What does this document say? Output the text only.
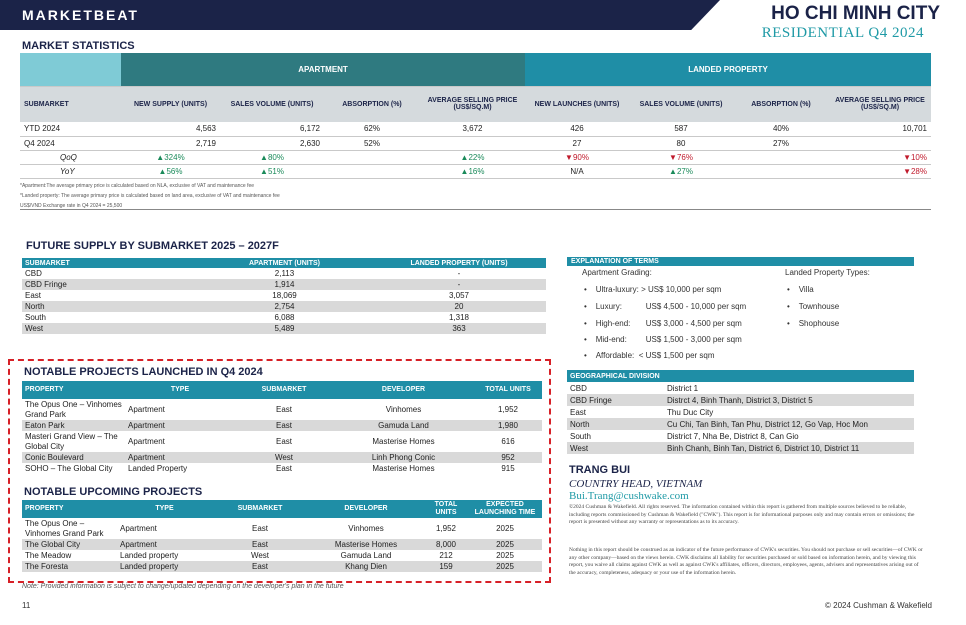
MARKETBEAT	HO CHI MINH CITY
RESIDENTIAL Q4 2024
MARKET STATISTICS
	APARTMENT				LANDED PROPERTY			
SUBMARKET	NEW SUPPLY (UNITS)	SALES VOLUME (UNITS)	ABSORPTION (%)	AVERAGE SELLING PRICE (US$/SQ.M)	NEW LAUNCHES (UNITS)	SALES VOLUME (UNITS)	ABSORPTION (%)	AVERAGE SELLING PRICE (US$/SQ.M)
YTD 2024	4,563	6,172	62%	3,672	426	587	40%	10,701
Q4 2024	2,719	2,630	52%		27	80	27%	
QoQ	▲324%	▲80%		▲22%	▼90%	▼76%		▼10%
YoY	▲56%	▲51%		▲16%	N/A	▲27%		▼28%
*Apartment:The average primary price is calculated based on NLA, exclusive of VAT and maintenance fee
*Landed property: The average primary price is calculated based on land area, exclusive of VAT and maintenance fee
US$/VND Exchange rate in Q4 2024 = 25,500
FUTURE SUPPLY BY SUBMARKET 2025 – 2027F
SUBMARKET	APARTMENT (UNITS)	LANDED PROPERTY (UNITS)
CBD	2,113	-
CBD Fringe	1,914	-
East	18,069	3,057
North	2,754	20
South	6,088	1,318
West	5,489	363
EXPLANATION OF TERMS
Apartment Grading:	Landed Property Types:
•    Ultra-luxury: > US$ 10,000 per sqm
•    Luxury:	US$ 4,500 - 10,000 per sqm
•    High-end: US$ 3,000 - 4,500 per sqm
•    Mid-end: US$ 1,500 - 3,000 per sqm
•    Affordable: < US$ 1,500 per sqm
•    Villa
•    Townhouse
•    Shophouse
GEOGRAPHICAL DIVISION	
CBD	District 1
CBD Fringe	Distrct 4, Binh Thanh, District 3, District 5
East	Thu Duc City
North	Cu Chi, Tan Binh, Tan Phu, District 12, Go Vap, Hoc Mon
South	District 7, Nha Be, District 8, Can Gio
West	Binh Chanh, Binh Tan, District 6, District 10, District 11
TRANG BUI
COUNTRY HEAD, VIETNAM
Bui.Trang@cushwake.com
©2024 Cushman & Wakefield. All rights reserved. The information contained within this report is gathered from multiple sources believed to be reliable, including reports commissioned by Cushman & Wakefield ("CWK"). This report is for informational purposes only and may contain errors or omissions; the report is presented without any warranty or representations as to its accuracy.
Nothing in this report should be construed as an indicator of the future performance of CWK's securities. You should not purchase or sell securities—of CWK or any other company—based on the views herein. CWK disclaims all liability for securities purchased or sold based on information herein, and by viewing this report, you waive all claims against CWK as well as against CWK's affiliates, officers, directors, employees, agents, advisers and representatives arising out of the accuracy, completeness, adequacy or your use of the information herein.
NOTABLE PROJECTS LAUNCHED IN Q4 2024
PROPERTY	TYPE	SUBMARKET	DEVELOPER	TOTAL UNITS
The Opus One – Vinhomes Grand Park	Apartment	East	Vinhomes	1,952
Eaton Park	Apartment	East	Gamuda Land	1,980
Masteri Grand View – The Global City	Apartment	East	Masterise Homes	616
Conic Boulevard	Apartment	West	Linh Phong Conic	952
SOHO – The Global City	Landed Property	East	Masterise Homes	915
NOTABLE UPCOMING PROJECTS
PROPERTY	TYPE	SUBMARKET	DEVELOPER	TOTAL UNITS	EXPECTED LAUNCHING TIME
The Opus One – Vinhomes Grand Park	Apartment	East	Vinhomes	1,952	2025
The Global City	Apartment	East	Masterise Homes	8,000	2025
The Meadow	Landed property	West	Gamuda Land	212	2025
The Foresta	Landed property	East	Khang Dien	159	2025
Note: Provided information is subject to change/updated depending on the developer's plan in the future
11	© 2024 Cushman & Wakefield
